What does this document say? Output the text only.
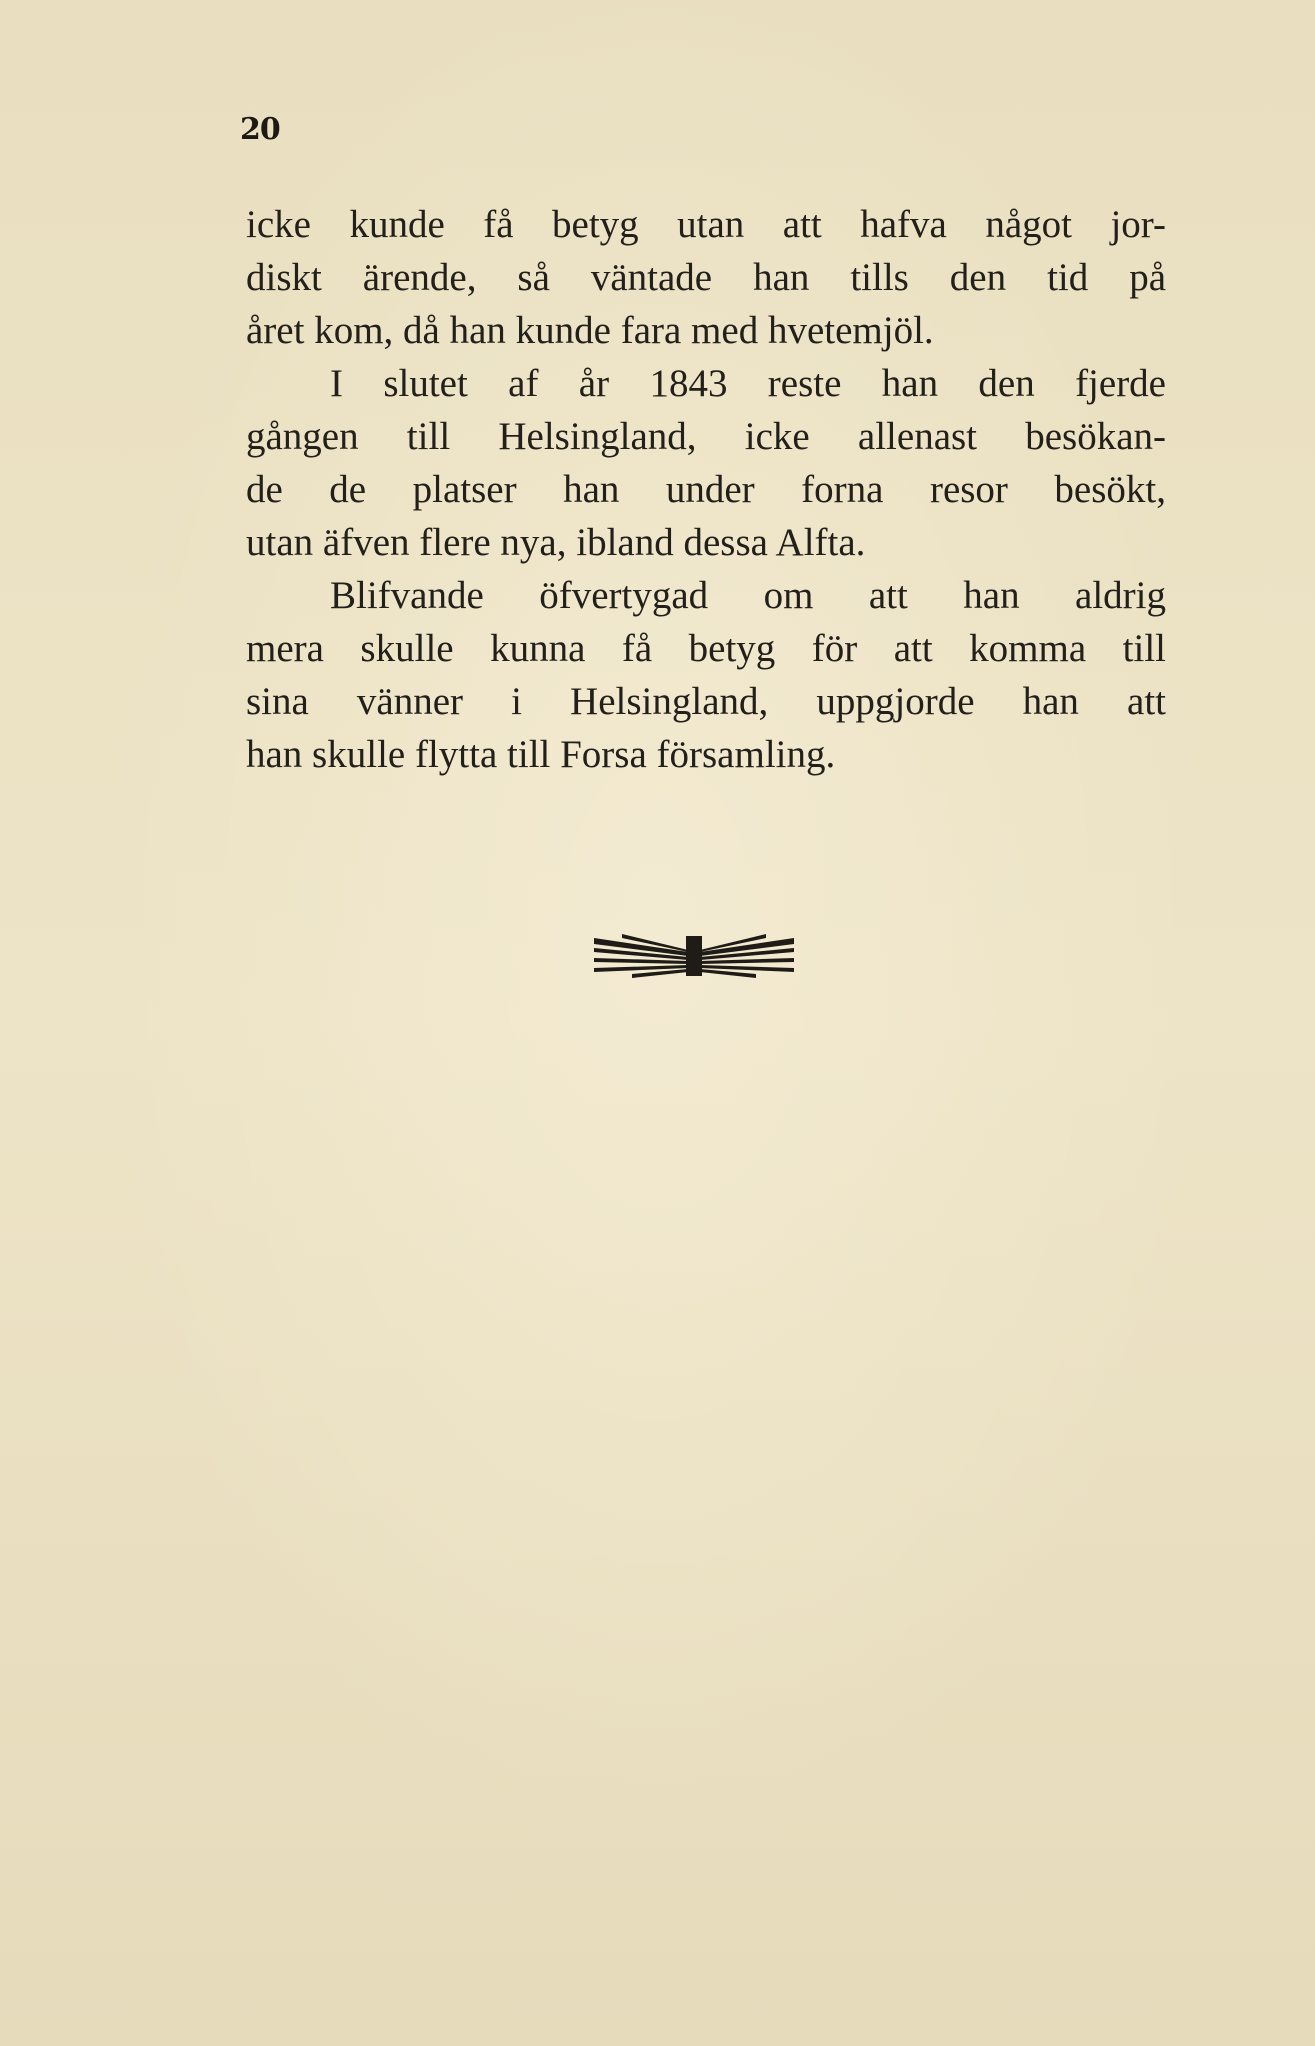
20
icke kunde få betyg utan att hafva något jor-
diskt ärende, så väntade han tills den tid på
året kom, då han kunde fara med hvetemjöl.
I slutet af år 1843 reste han den fjerde
gången till Helsingland, icke allenast besökan-
de de platser han under forna resor besökt,
utan äfven flere nya, ibland dessa Alfta.
Blifvande öfvertygad om att han aldrig
mera skulle kunna få betyg för att komma till
sina vänner i Helsingland, uppgjorde han att
han skulle flytta till Forsa församling.
